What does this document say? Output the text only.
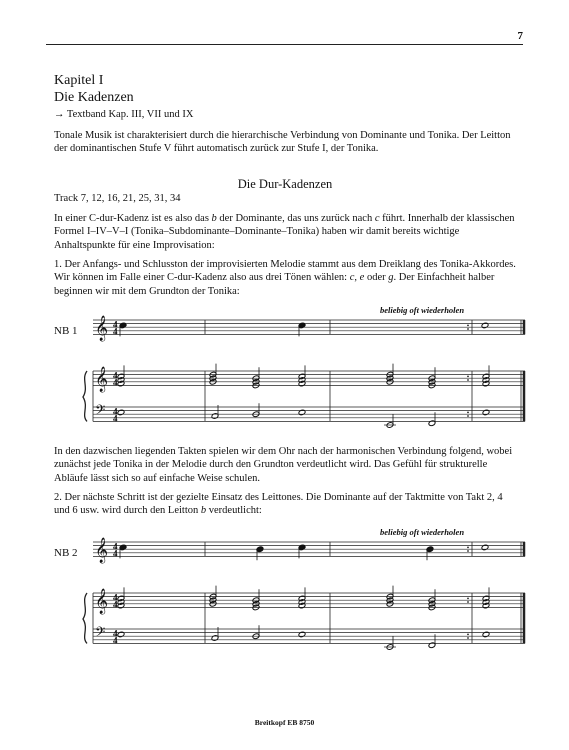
7
Kapitel I
Die Kadenzen
→ Textband Kap. III, VII und IX
Tonale Musik ist charakterisiert durch die hierarchische Verbindung von Dominante und Tonika. Der Leitton der dominantischen Stufe V führt automatisch zurück zur Stufe I, der Tonika.
Die Dur-Kadenzen
Track 7, 12, 16, 21, 25, 31, 34
In einer C-dur-Kadenz ist es also das b der Dominante, das uns zurück nach c führt. Innerhalb der klassischen Formel I–IV–V–I (Tonika–Subdominante–Dominante–Tonika) haben wir damit bereits wichtige Anhaltspunkte für eine Improvisation:
1. Der Anfangs- und Schlusston der improvisierten Melodie stammt aus dem Dreiklang des Tonika-Akkordes. Wir können im Falle einer C-dur-Kadenz also aus drei Tönen wählen: c, e oder g. Der Einfachheit halber beginnen wir mit dem Grundton der Tonika:
beliebig oft wiederholen
NB 1 𝄞
𝄞
𝄢
4
4
4
4
4
4
In den dazwischen liegenden Takten spielen wir dem Ohr nach der harmonischen Verbindung folgend, wobei zunächst jede Tonika in der Melodie durch den Grundton verdeutlicht wird. Das Gefühl für strukturelle Abläufe lässt sich so auf einfache Weise schulen.
2. Der nächste Schritt ist der gezielte Einsatz des Leittones. Die Dominante auf der Taktmitte von Takt 2, 4 und 6 usw. wird durch den Leitton b verdeutlicht:
beliebig oft wiederholen
NB 2 𝄞
𝄞
𝄢
4
4
4
4
4
4
Breitkopf EB 8750
